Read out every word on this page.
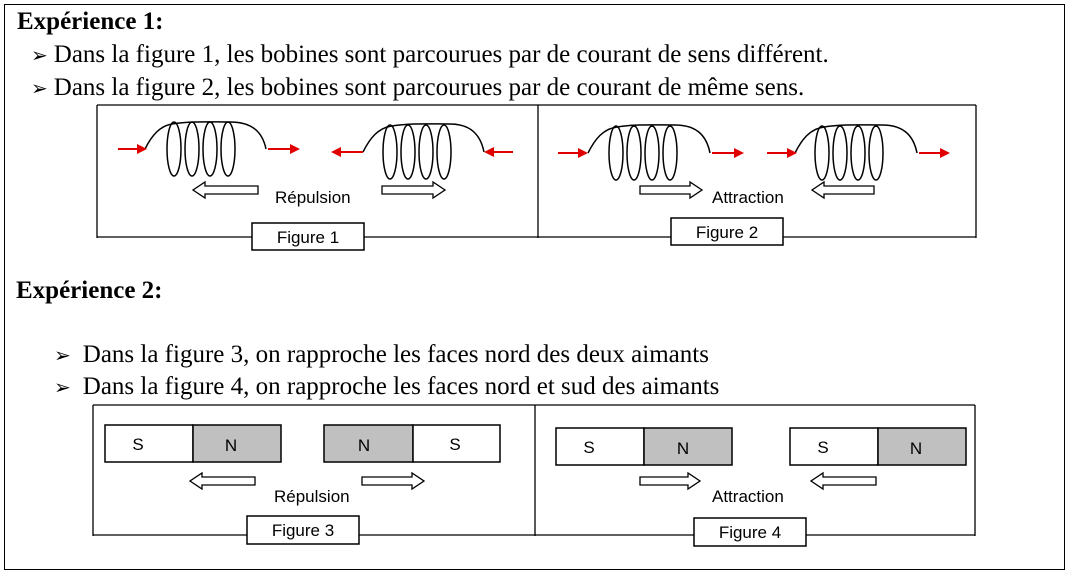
Expérience 1:
➢ Dans la figure 1, les bobines sont parcourues par de courant de sens différent.
➢ Dans la figure 2, les bobines sont parcourues par de courant de même sens.
Répulsion
Figure 1
Attraction
Figure 2
Expérience 2:
➢ Dans la figure 3, on rapproche les faces nord des deux aimants
➢ Dans la figure 4, on rapproche les faces nord et sud des aimants
S	N	N	S
Répulsion
Figure 3
S	N	S	N
Attraction
Figure 4
